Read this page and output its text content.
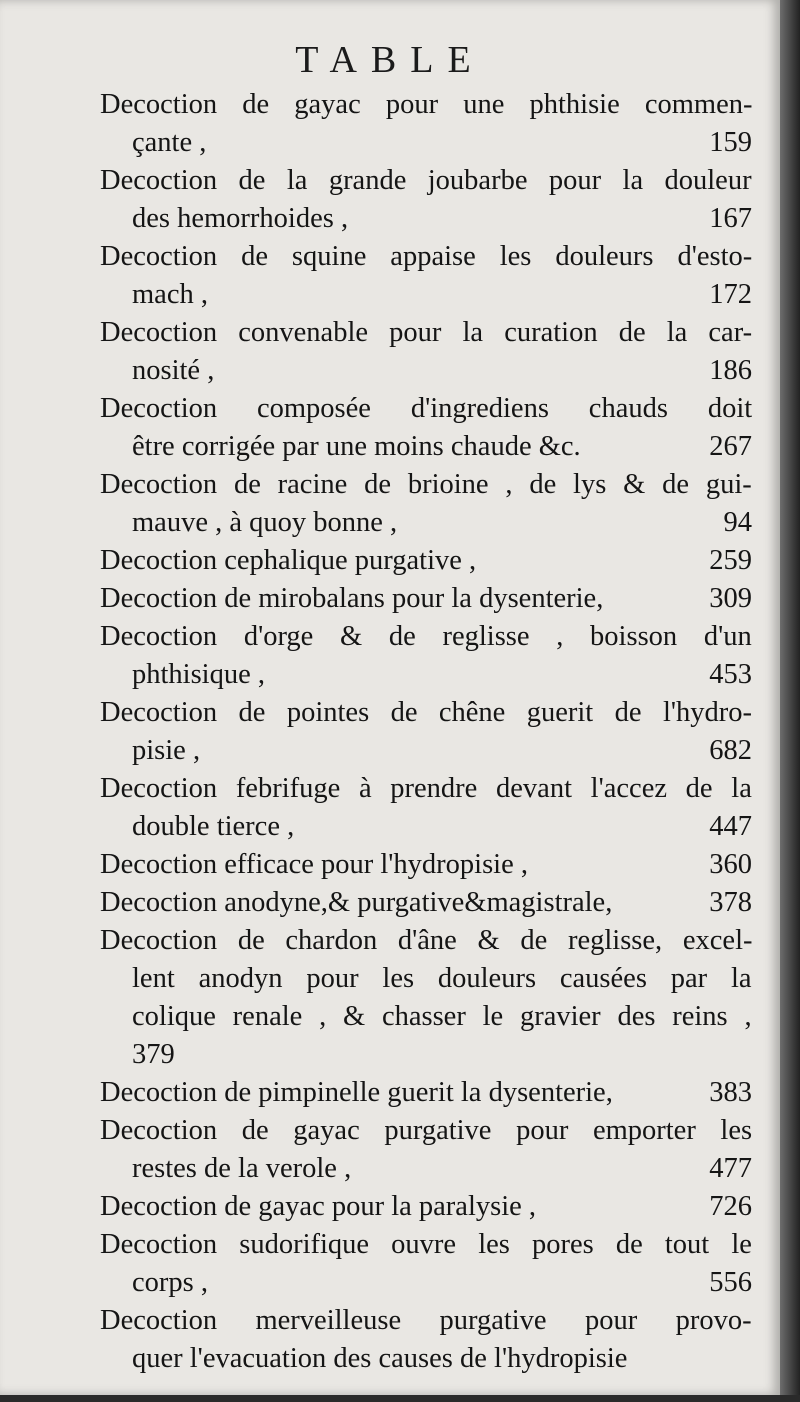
TABLE
Decoction de gayac pour une phthisie commen-
çante ,	159
Decoction de la grande joubarbe pour la douleur
des hemorrhoides ,	167
Decoction de squine appaise les douleurs d'esto-
mach ,	172
Decoction convenable pour la curation de la car-
nosité ,	186
Decoction composée d'ingrediens chauds doit
être corrigée par une moins chaude &c.	267
Decoction de racine de brioine , de lys & de gui-
mauve , à quoy bonne ,	94
Decoction cephalique purgative ,	259
Decoction de mirobalans pour la dysenterie,	309
Decoction d'orge & de reglisse , boisson d'un
phthisique ,	453
Decoction de pointes de chêne guerit de l'hydro-
pisie ,	682
Decoction febrifuge à prendre devant l'accez de la
double tierce ,	447
Decoction efficace pour l'hydropisie ,	360
Decoction anodyne,& purgative&magistrale,	378
Decoction de chardon d'âne & de reglisse, excel-
lent anodyn pour les douleurs causées par la
colique renale , & chasser le gravier des reins ,
379
Decoction de pimpinelle guerit la dysenterie,	383
Decoction de gayac purgative pour emporter les
restes de la verole ,	477
Decoction de gayac pour la paralysie ,	726
Decoction sudorifique ouvre les pores de tout le
corps ,	556
Decoction merveilleuse purgative pour provo-
quer l'evacuation des causes de l'hydropisie
